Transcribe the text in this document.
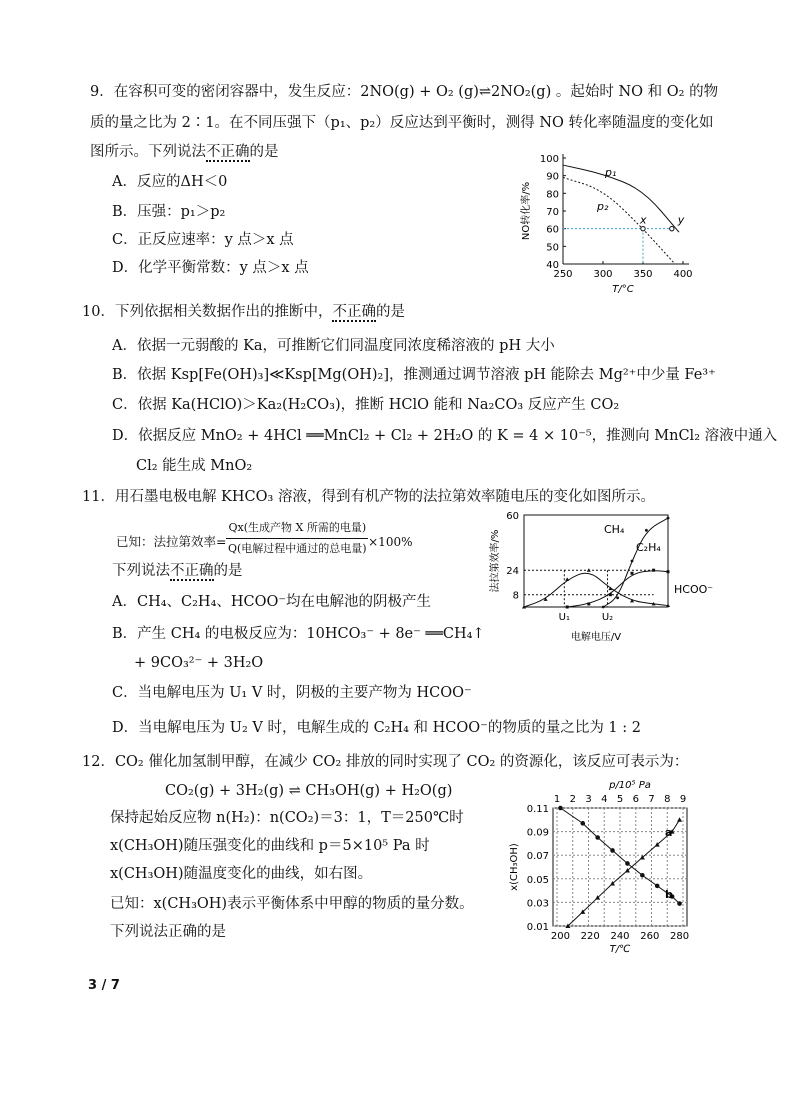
9．在容积可变的密闭容器中，发生反应：2NO(g) + O₂ (g)⇌2NO₂(g) 。起始时 NO 和 O₂ 的物
质的量之比为 2∶1。在不同压强下（p₁、p₂）反应达到平衡时，测得 NO 转化率随温度的变化如
图所示。下列说法不正确的是
A．反应的ΔH＜0
B．压强：p₁＞p₂
C．正反应速率：y 点＞x 点
D．化学平衡常数：y 点＞x 点	40
50
60
70
80
90
100
250 300 350 400
T/°C
NO转化率/%
p₁
p₂
x	y
10．下列依据相关数据作出的推断中，不正确的是
A．依据一元弱酸的 Ka，可推断它们同温度同浓度稀溶液的 pH 大小
B．依据 Ksp[Fe(OH)₃]≪Ksp[Mg(OH)₂]，推测通过调节溶液 pH 能除去 Mg²⁺中少量 Fe³⁺
C．依据 Ka(HClO)＞Ka₂(H₂CO₃)，推断 HClO 能和 Na₂CO₃ 反应产生 CO₂
D．依据反应 MnO₂ + 4HCl ══MnCl₂ + Cl₂ + 2H₂O 的 K = 4 × 10⁻⁵，推测向 MnCl₂ 溶液中通入
Cl₂ 能生成 MnO₂
11．用石墨电极电解 KHCO₃ 溶液，得到有机产物的法拉第效率随电压的变化如图所示。
已知：法拉第效率= $\frac{\text{Qx(生成产物 X 所需的电量)}}{\text{Q(电解过程中通过的总电量)}} \times 100\%$
下列说法不正确的是
A．CH₄、C₂H₄、HCOO⁻均在电解池的阴极产生
B．产生 CH₄ 的电极反应为：10HCO₃⁻ + 8e⁻ ══CH₄↑
+ 9CO₃²⁻ + 3H₂O
C．当电解电压为 U₁ V 时，阴极的主要产物为 HCOO⁻
D．当电解电压为 U₂ V 时，电解生成的 C₂H₄ 和 HCOO⁻的物质的量之比为 1 : 2
8
24
60
U₁	U₂
电解电压/V
法拉第效率/%
CH₄
C₂H₄
HCOO⁻
12．CO₂ 催化加氢制甲醇，在减少 CO₂ 排放的同时实现了 CO₂ 的资源化，该反应可表示为：
CO₂(g) + 3H₂(g) ⇌ CH₃OH(g) + H₂O(g)
保持起始反应物 n(H₂)：n(CO₂)＝3：1，T＝250℃时
x(CH₃OH)随压强变化的曲线和 p＝5×10⁵ Pa 时
x(CH₃OH)随温度变化的曲线，如右图。
已知：x(CH₃OH)表示平衡体系中甲醇的物质的量分数。
下列说法正确的是
p/10⁵ Pa
1 2 3 4 5 6 7 8 9
0.01
0.03
0.05
0.07
0.09
0.11
200 220 240 260 280
T/℃
x(CH₃OH)
a
b
3 / 7
